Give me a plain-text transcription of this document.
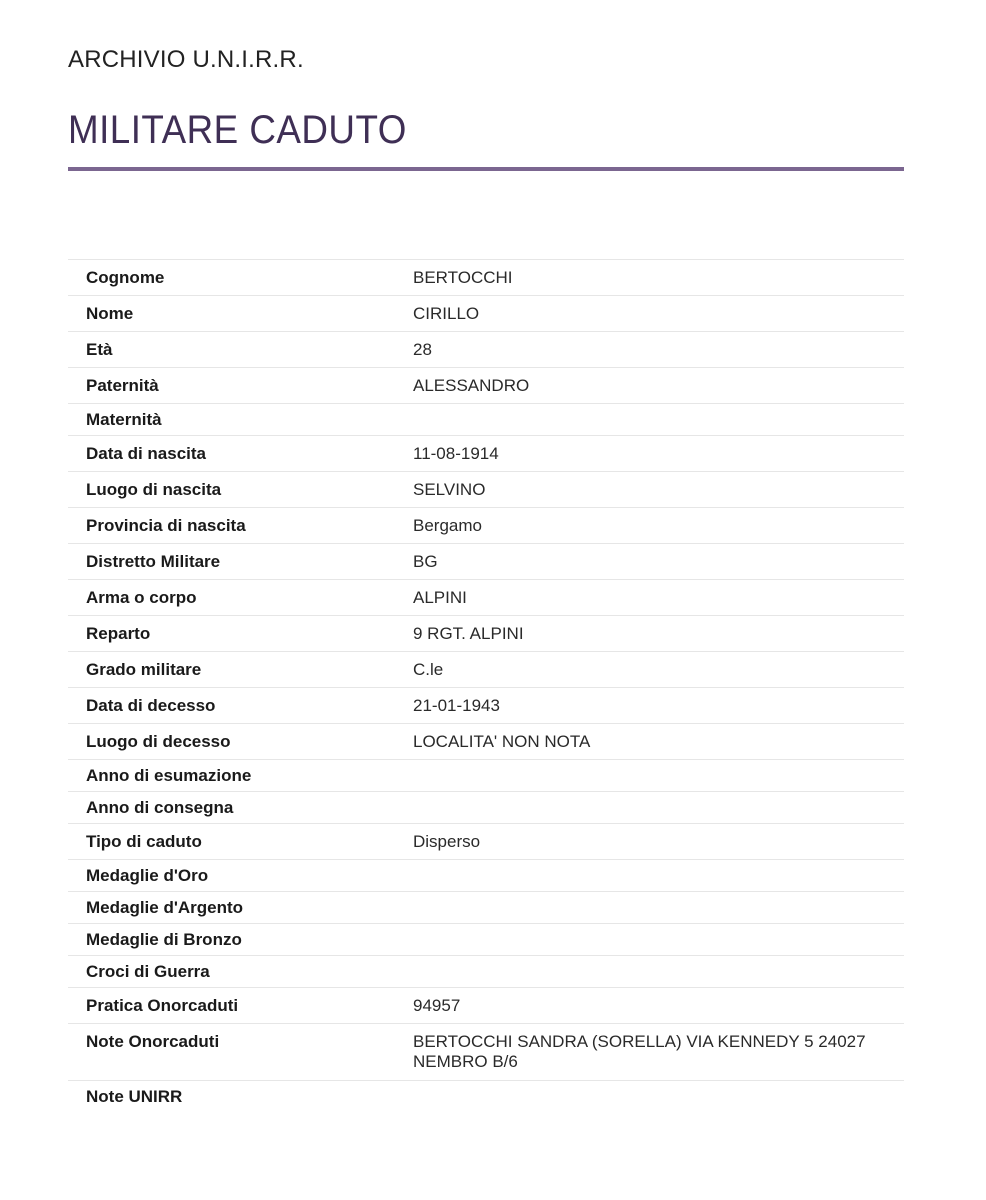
ARCHIVIO U.N.I.R.R.
MILITARE CADUTO
Cognome	BERTOCCHI
Nome	CIRILLO
Età	28
Paternità	ALESSANDRO
Maternità	
Data di nascita	11-08-1914
Luogo di nascita	SELVINO
Provincia di nascita	Bergamo
Distretto Militare	BG
Arma o corpo	ALPINI
Reparto	9 RGT. ALPINI
Grado militare	C.le
Data di decesso	21-01-1943
Luogo di decesso	LOCALITA' NON NOTA
Anno di esumazione	
Anno di consegna	
Tipo di caduto	Disperso
Medaglie d'Oro	
Medaglie d'Argento	
Medaglie di Bronzo	
Croci di Guerra	
Pratica Onorcaduti	94957
Note Onorcaduti	BERTOCCHI SANDRA (SORELLA) VIA KENNEDY 5 24027 NEMBRO B/6
Note UNIRR	
